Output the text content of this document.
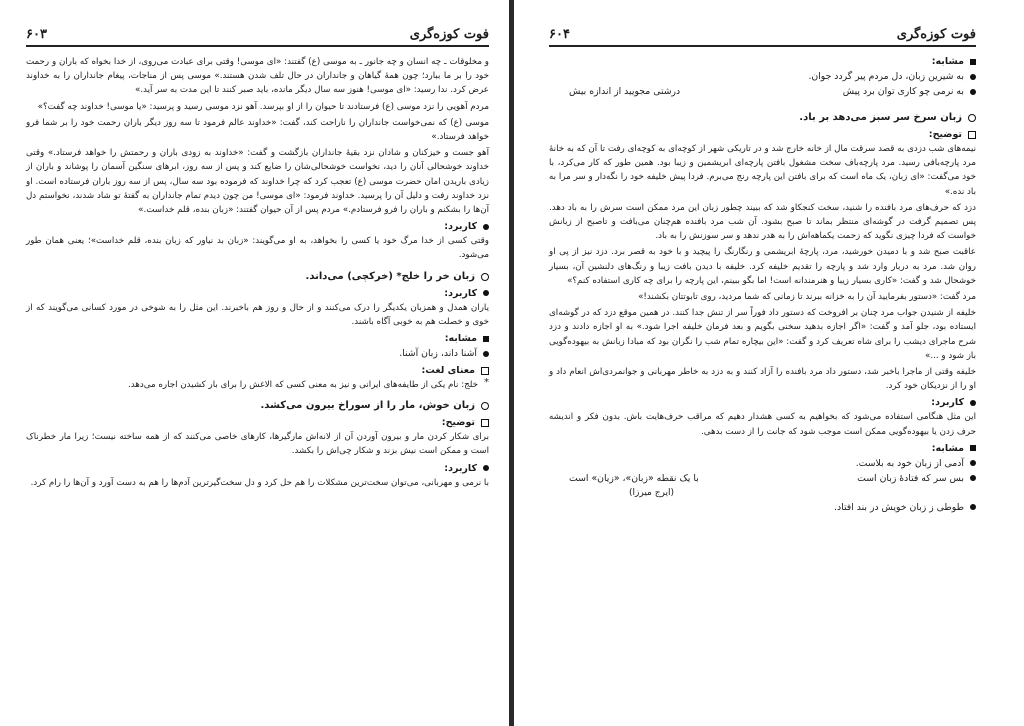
فوت کوزه‌گری
۶۰۳

و مخلوقات ـ چه انسان و چه جانور ـ به موسی (ع) گفتند: «ای موسی! وقتی برای عبادت می‌روی، از خدا بخواه که باران و رحمت خود را بر ما ببارد؛ چون همهٔ گیاهان و جانداران در حال تلف شدن هستند.» موسی پس از مناجات، پیغام جانداران را به خداوند عرض کرد. ندا رسید: «ای موسی! هنوز سه سال دیگر مانده، باید صبر کنند تا این مدت به سر آید.»

مردم آهویی را نزد موسی (ع) فرستادند تا حیوان را از او بپرسد. آهو نزد موسی رسید و پرسید: «یا موسی! خداوند چه گفت؟»

موسی (ع) که نمی‌خواست جانداران را ناراحت کند، گفت: «خداوند عالم فرمود تا سه روز دیگر باران رحمت خود را بر شما فرو خواهد فرستاد.»

آهو جست و خیزکنان و شادان نزد بقیهٔ جانداران بازگشت و گفت: «خداوند به زودی باران و رحمتش را خواهد فرستاد.» وقتی خداوند خوشحالی آنان را دید، نخواست خوشحالی‌شان را ضایع کند و پس از سه روز، ابرهای سنگین آسمان را پوشاند و باران از زیادی باریدن امان حضرت موسی (ع) تعجب کرد که چرا خداوند که فرموده بود سه سال، پس از سه روز باران فرستاده است. او نزد خداوند رفت و دلیل آن را پرسید. خداوند فرمود: «ای موسی! من چون دیدم تمام جانداران به گفتهٔ تو شاد شدند، نخواستم دل آن‌ها را بشکنم و باران را فرو فرستادم.» مردم پس از آن حیوان گفتند: «زبان بنده، قلم خداست.»

کاربرد:

وقتی کسی از خدا مرگ خود یا کسی را بخواهد، به او می‌گویند: «زبان بد نیاور که زبان بنده، قلم خداست»؛ یعنی همان طور می‌شود.

زبان خر را خلج* (خرکچی) می‌داند.
کاربرد:

یاران همدل و همزبان یکدیگر را درک می‌کنند و از حال و روز هم باخبرند. این مثل را به شوخی در مورد کسانی می‌گویند که از خوی و خصلت هم به خوبی آگاه باشند.

مشابه:
آشنا داند، زبان آشنا.
معنای لغت:
*

خلج: نام یکی از طایفه‌های ایرانی و نیز به معنی کسی که الاغش را برای بار کشیدن اجاره می‌دهد.

زبان خوش، مار را از سوراخ بیرون می‌کشد.
توضیح:

برای شکار کردن مار و بیرون آوردن آن از لانه‌اش مارگیرها، کارهای خاصی می‌کنند که از همه ساخته نیست؛ زیرا مار خطرناک است و ممکن است نیش بزند و شکار چی‌اش را بکشد.

کاربرد:

با نرمی و مهربانی، می‌توان سخت‌ترین مشکلات را هم حل کرد و دل سخت‌گیرترین آدم‌ها را هم به دست آورد و آن‌ها را رام کرد.

فوت کوزه‌گری
۶۰۴
مشابه:
به شیرین زبان، دل مردم پیر گردد جوان.
به نرمی چو کاری توان برد پیش
درشتی مجویید از اندازه بیش
زبان سرخ سر سبز می‌دهد بر باد.
توضیح:

نیمه‌های شب دزدی به قصد سرقت مال از خانه خارج شد و در تاریکی شهر از کوچه‌ای به کوچه‌ای رفت تا آن که به خانهٔ مرد پارچه‌بافی رسید. مرد پارچه‌باف سخت مشغول بافتن پارچه‌ای ابریشمین و زیبا بود. همین طور که کار می‌کرد، با خود می‌گفت: «ای زبان، یک ماه است که برای بافتن این پارچه رنج می‌برم. فردا پیش خلیفه خود را نگه‌دار و سر مرا به باد نده.»

دزد که حرف‌های مرد بافنده را شنید، سخت کنجکاو شد که ببیند چطور زبان این مرد ممکن است سرش را به باد دهد. پس تصمیم گرفت در گوشه‌ای منتظر بماند تا صبح بشود. آن شب مرد بافنده هم‌چنان می‌بافت و تاصبح از زبانش خواست که فردا چیزی نگوید که زحمت یکماهه‌اش را به هدر ندهد و سر سوزنش را به باد.

عاقبت صبح شد و با دمیدن خورشید، مرد، پارچهٔ ابریشمی و رنگارنگ را پیچید و با خود به قصر برد. دزد نیز از پی او روان شد. مرد به دربار وارد شد و پارچه را تقدیم خلیفه کرد. خلیفه با دیدن بافت زیبا و رنگ‌های دلنشین آن، بسیار خوشحال شد و گفت: «کاری بسیار زیبا و هنرمندانه است! اما بگو ببینم، این پارچه را برای چه کاری استفاده کنم؟»

مرد گفت: «دستور بفرمایید آن را به خزانه ببرند تا زمانی که شما مردید، روی تابوتتان بکشند!»

خلیفه از شنیدن جواب مرد چنان بر افروخت که دستور داد فوراً سر از تنش جدا کنند. در همین موقع دزد که در گوشه‌ای ایستاده بود، جلو آمد و گفت: «اگر اجازه بدهید سخنی بگویم و بعد فرمان خلیفه اجرا شود.» به او اجازه دادند و دزد شرح ماجرای دیشب را برای شاه تعریف کرد و گفت: «این بیچاره تمام شب را نگران بود که مبادا زبانش به بیهوده‌گویی باز شود و ...»

خلیفه وقتی از ماجرا باخبر شد، دستور داد مرد بافنده را آزاد کنند و به دزد به خاطر مهربانی و جوانمردی‌اش انعام داد و او را از نزدیکان خود کرد.

کاربرد:

این مثل هنگامی استفاده می‌شود که بخواهیم به کسی هشدار دهیم که مراقب حرف‌هایت باش. بدون فکر و اندیشه حرف زدن یا بیهوده‌گویی ممکن است موجب شود که جانت را از دست بدهی.

مشابه:
آدمی از زبان خود به بلاست.
بس سر که فتادهٔ زبان است
با یک نقطه «زبان»، «زیان» است
(ایرج میرزا)
طوطی ز زبان خویش در بند افتاد.
